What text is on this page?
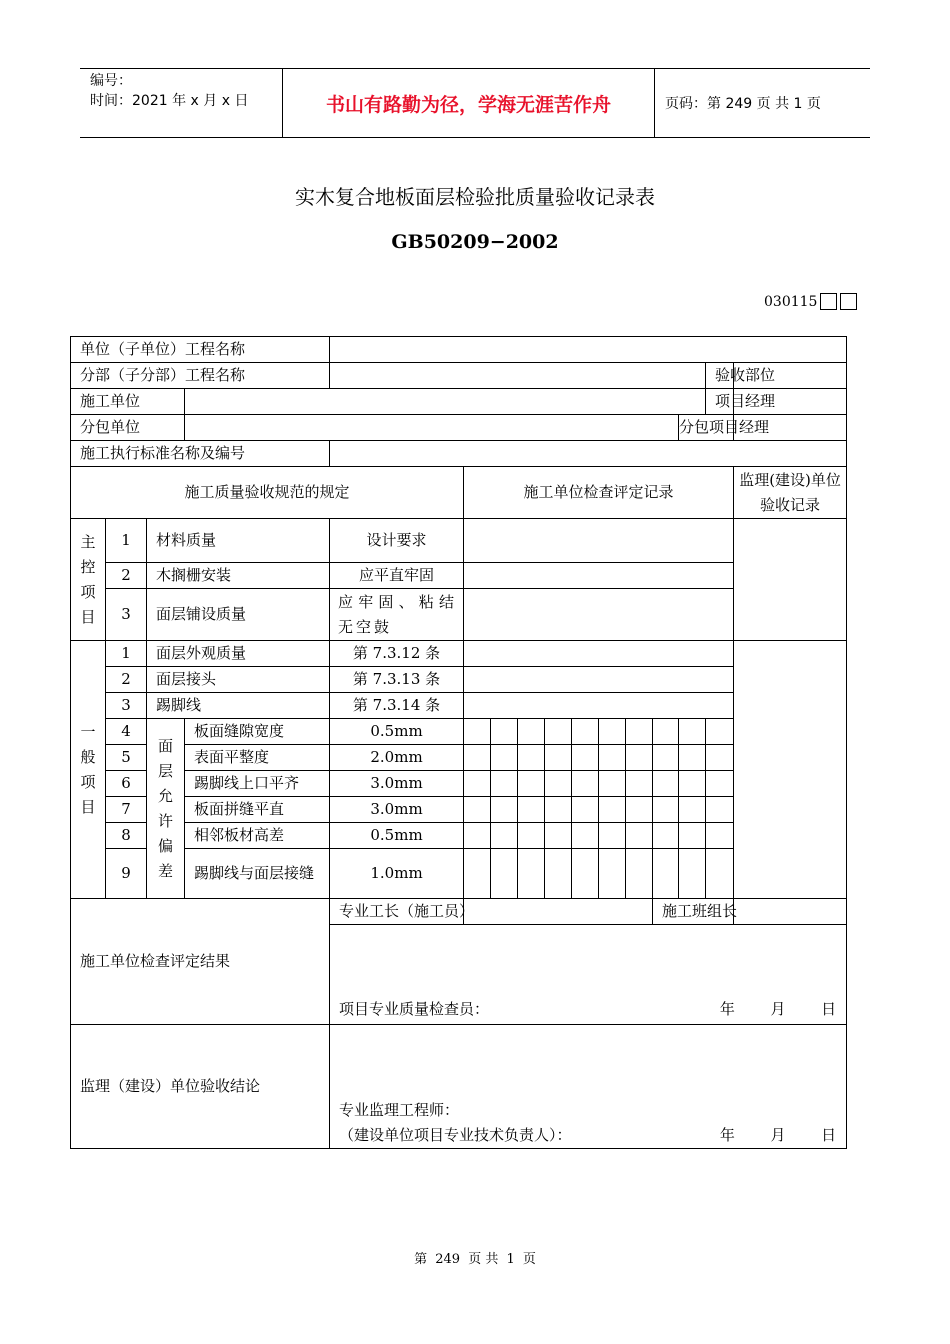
编号：
时间：2021 年 x 月 x 日	书山有路勤为径，学海无涯苦作舟	页码：第 249 页 共 1 页
实木复合地板面层检验批质量验收记录表
GB50209−2002
030115
单位（子单位）工程名称															
分部（子分部）工程名称														验收部位	
施工单位														项目经理	
分包单位													分包项目经理		
施工执行标准名称及编号															
施工质量验收规范的规定					施工单位检查评定记录										监理(建设)单位验收记录

主控项目	1	材料质量		设计要求											
	2	木搁栅安装		应平直牢固											
	3	面层铺设质量		应牢固、粘结无空鼓											

一般项目	1	面层外观质量		第 7.3.12 条											
	2	面层接头		第 7.3.13 条											
	3	踢脚线		第 7.3.14 条											
	4	面层允许偏差	板面缝隙宽度	0.5mm											
	5		表面平整度	2.0mm											
	6		踢脚线上口平齐	3.0mm											
	7		板面拼缝平直	3.0mm											
	8		相邻板材高差	0.5mm											
	9		踢脚线与面层接缝	1.0mm											
施工单位检查评定结果				专业工长（施工员）								施工班组长			

				项目专业质量检查员： 年 月 日											

监理（建设）单位验收结论				专业监理工程师：
（建设单位项目专业技术负责人）： 年 月 日											
第 249 页 共 1 页
